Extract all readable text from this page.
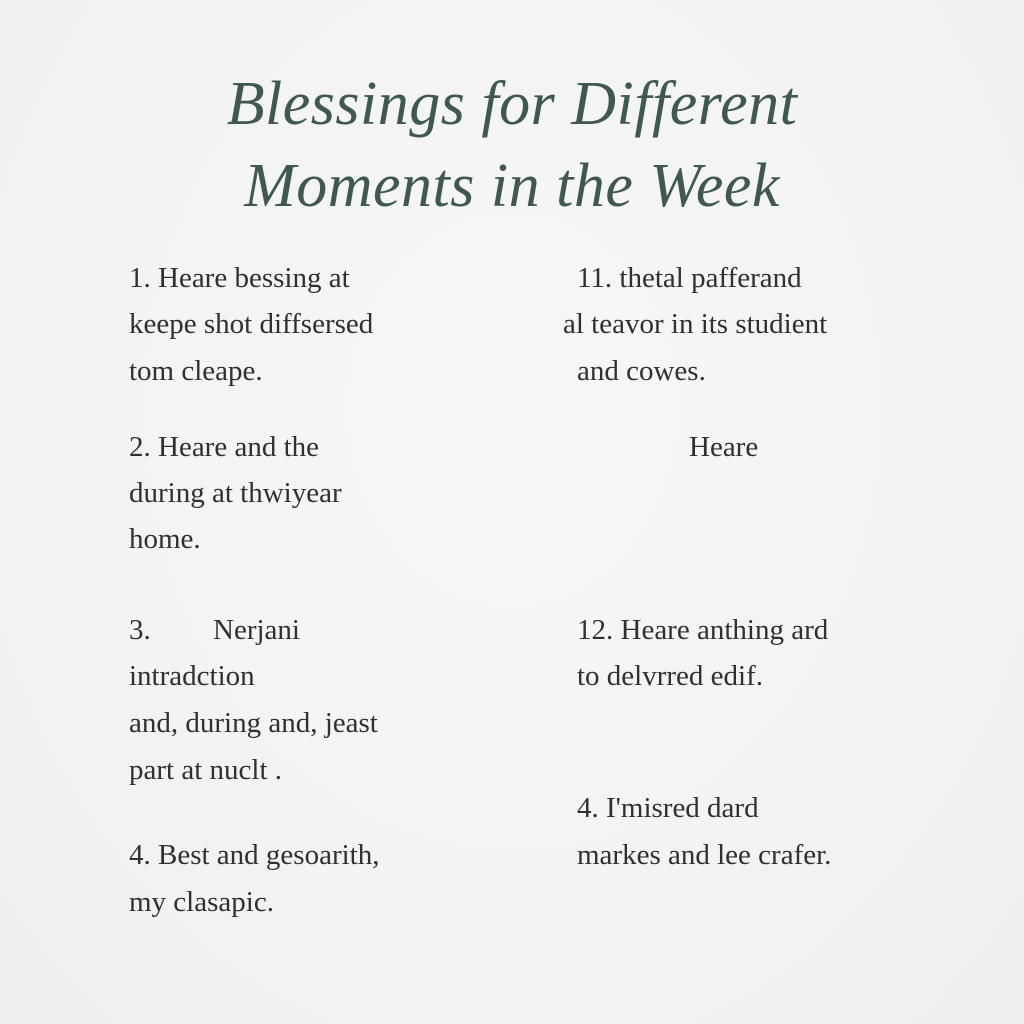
Blessings for Different
Moments in the Week
1. Heare bessing at
keepe shot diffsersed
tom cleape.
2. Heare and the
during at thwiyear
home.
3. Nerjani
intradction
and, during and, jeast
part at nuclt .
4. Best and gesoarith,
my clasapic.
11. thetal pafferand
al teavor in its studient
and cowes.
Heare
12. Heare anthing ard
to delvrred edif.
4. I'misred dard
markes and lee crafer.
